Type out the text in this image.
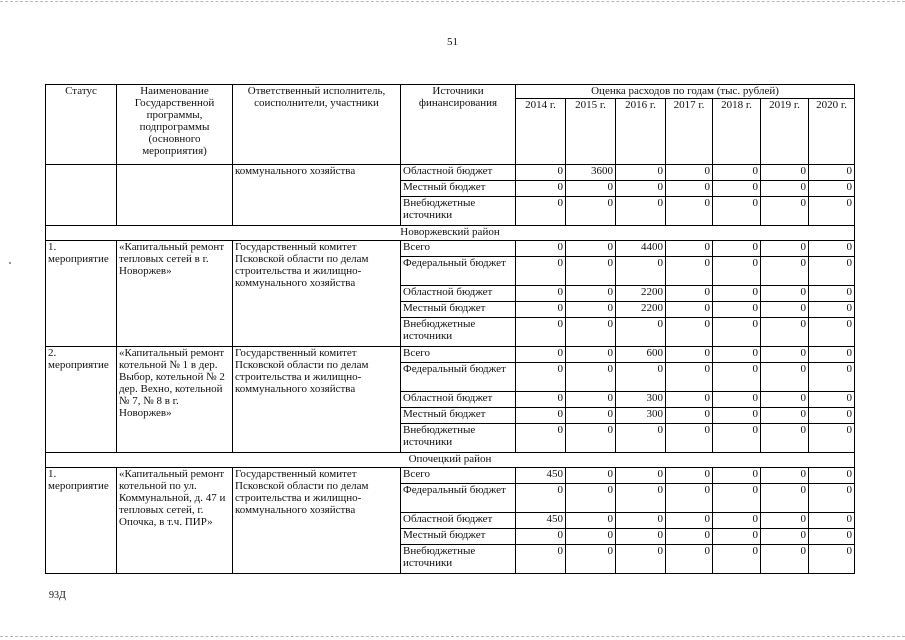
51
Статус	Наименование Государственной программы, подпрограммы (основного мероприятия)	Ответственный исполнитель, соисполнители, участники	Источники финансирования	Оценка расходов по годам (тыс. рублей)						
				2014 г.	2015 г.	2016 г.	2017 г.	2018 г.	2019 г.	2020 г.
		коммунального хозяйства	Областной бюджет	0	3600	0	0	0	0	0
			Местный бюджет	0	0	0	0	0	0	0
			Внебюджетные источники	0	0	0	0	0	0	0
Новоржевский район										
1. мероприятие	«Капитальный ремонт тепловых сетей в г. Новоржев»	Государственный комитет Псковской области по делам строительства и жилищно-коммунального хозяйства	Всего	0	0	4400	0	0	0	0
			Федеральный бюджет	0	0	0	0	0	0	0
			Областной бюджет	0	0	2200	0	0	0	0
			Местный бюджет	0	0	2200	0	0	0	0
			Внебюджетные источники	0	0	0	0	0	0	0
2. мероприятие	«Капитальный ремонт котельной № 1 в дер. Выбор, котельной № 2 дер. Вехно, котельной № 7, № 8 в г. Новоржев»	Государственный комитет Псковской области по делам строительства и жилищно-коммунального хозяйства	Всего	0	0	600	0	0	0	0
			Федеральный бюджет	0	0	0	0	0	0	0
			Областной бюджет	0	0	300	0	0	0	0
			Местный бюджет	0	0	300	0	0	0	0
			Внебюджетные источники	0	0	0	0	0	0	0
Опочецкий район										
1. мероприятие	«Капитальный ремонт котельной по ул. Коммунальной, д. 47 и тепловых сетей, г. Опочка, в т.ч. ПИР»	Государственный комитет Псковской области по делам строительства и жилищно-коммунального хозяйства	Всего	450	0	0	0	0	0	0
			Федеральный бюджет	0	0	0	0	0	0	0
			Областной бюджет	450	0	0	0	0	0	0
			Местный бюджет	0	0	0	0	0	0	0
			Внебюджетные источники	0	0	0	0	0	0	0
93Д
